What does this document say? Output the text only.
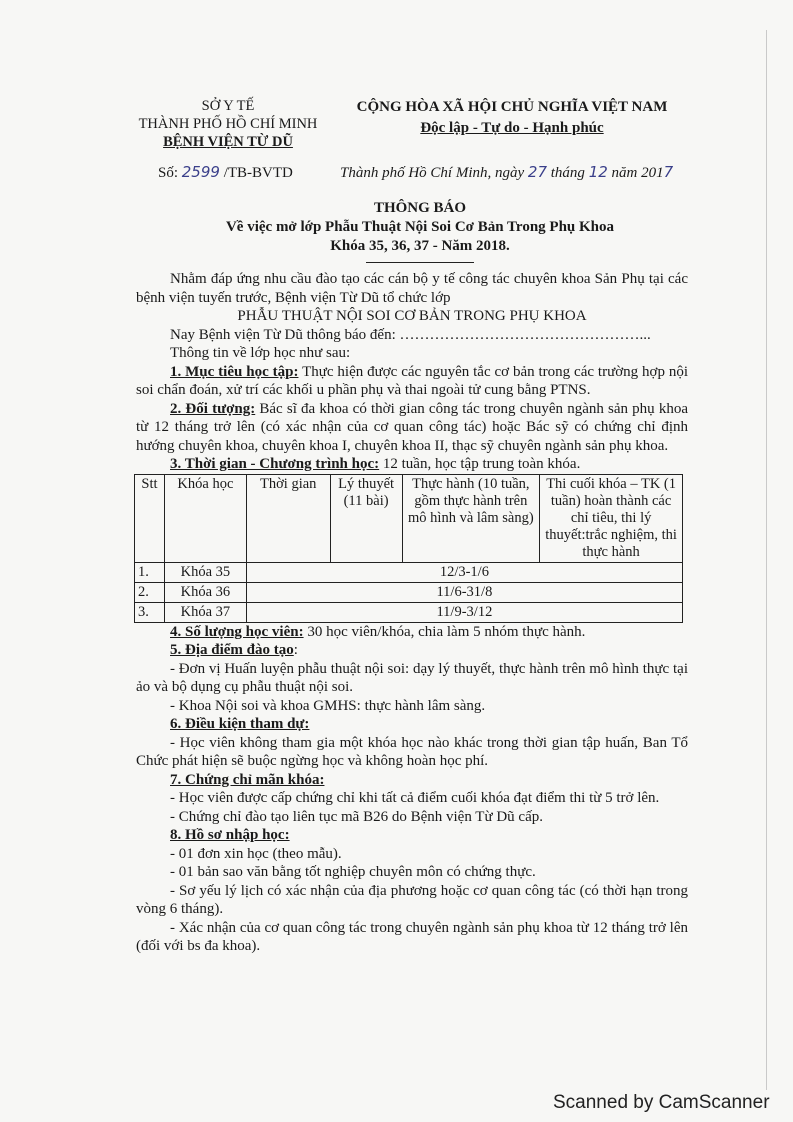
SỞ Y TẾ
THÀNH PHỐ HỒ CHÍ MINH
BỆNH VIỆN TỪ DŨ
CỘNG HÒA XÃ HỘI CHỦ NGHĨA VIỆT NAM
Độc lập - Tự do - Hạnh phúc
Số: 2599 /TB-BVTD	Thành phố Hồ Chí Minh, ngày 27 tháng 12 năm 2017
THÔNG BÁO
Về việc mở lớp Phẫu Thuật Nội Soi Cơ Bản Trong Phụ Khoa
Khóa 35, 36, 37 - Năm 2018.

Nhằm đáp ứng nhu cầu đào tạo các cán bộ y tế công tác chuyên khoa Sản Phụ tại các bệnh viện tuyến trước, Bệnh viện Từ Dũ tổ chức lớp

PHẪU THUẬT NỘI SOI CƠ BẢN TRONG PHỤ KHOA

Nay Bệnh viện Từ Dũ thông báo đến: …………………………………………...

Thông tin về lớp học như sau:

1. Mục tiêu học tập: Thực hiện được các nguyên tắc cơ bản trong các trường hợp nội soi chẩn đoán, xử trí các khối u phần phụ và thai ngoài tử cung bằng PTNS.

2. Đối tượng: Bác sĩ đa khoa có thời gian công tác trong chuyên ngành sản phụ khoa từ 12 tháng trở lên (có xác nhận của cơ quan công tác) hoặc Bác sỹ có chứng chỉ định hướng chuyên khoa, chuyên khoa I, chuyên khoa II, thạc sỹ chuyên ngành sản phụ khoa.

3. Thời gian - Chương trình học: 12 tuần, học tập trung toàn khóa.

Stt	Khóa học	Thời gian	Lý thuyết (11 bài)	Thực hành (10 tuần, gồm thực hành trên mô hình và lâm sàng)	Thi cuối khóa – TK (1 tuần) hoàn thành các chỉ tiêu, thi lý thuyết:trắc nghiệm, thi thực hành
1.	Khóa 35	12/3-1/6			
2.	Khóa 36	11/6-31/8			
3.	Khóa 37	11/9-3/12			

4. Số lượng học viên: 30 học viên/khóa, chia làm 5 nhóm thực hành.

5. Địa điểm đào tạo:

- Đơn vị Huấn luyện phẫu thuật nội soi: dạy lý thuyết, thực hành trên mô hình thực tại ảo và bộ dụng cụ phẫu thuật nội soi.

- Khoa Nội soi và khoa GMHS: thực hành lâm sàng.

6. Điều kiện tham dự:

- Học viên không tham gia một khóa học nào khác trong thời gian tập huấn, Ban Tổ Chức phát hiện sẽ buộc ngừng học và không hoàn học phí.

7. Chứng chỉ mãn khóa:

- Học viên được cấp chứng chỉ khi tất cả điểm cuối khóa đạt điểm thi từ 5 trở lên.

- Chứng chỉ đào tạo liên tục mã B26 do Bệnh viện Từ Dũ cấp.

8. Hồ sơ nhập học:

- 01 đơn xin học (theo mẫu).

- 01 bản sao văn bằng tốt nghiệp chuyên môn có chứng thực.

- Sơ yếu lý lịch có xác nhận của địa phương hoặc cơ quan công tác (có thời hạn trong vòng 6 tháng).

- Xác nhận của cơ quan công tác trong chuyên ngành sản phụ khoa từ 12 tháng trở lên (đối với bs đa khoa).

Scanned by CamScanner
